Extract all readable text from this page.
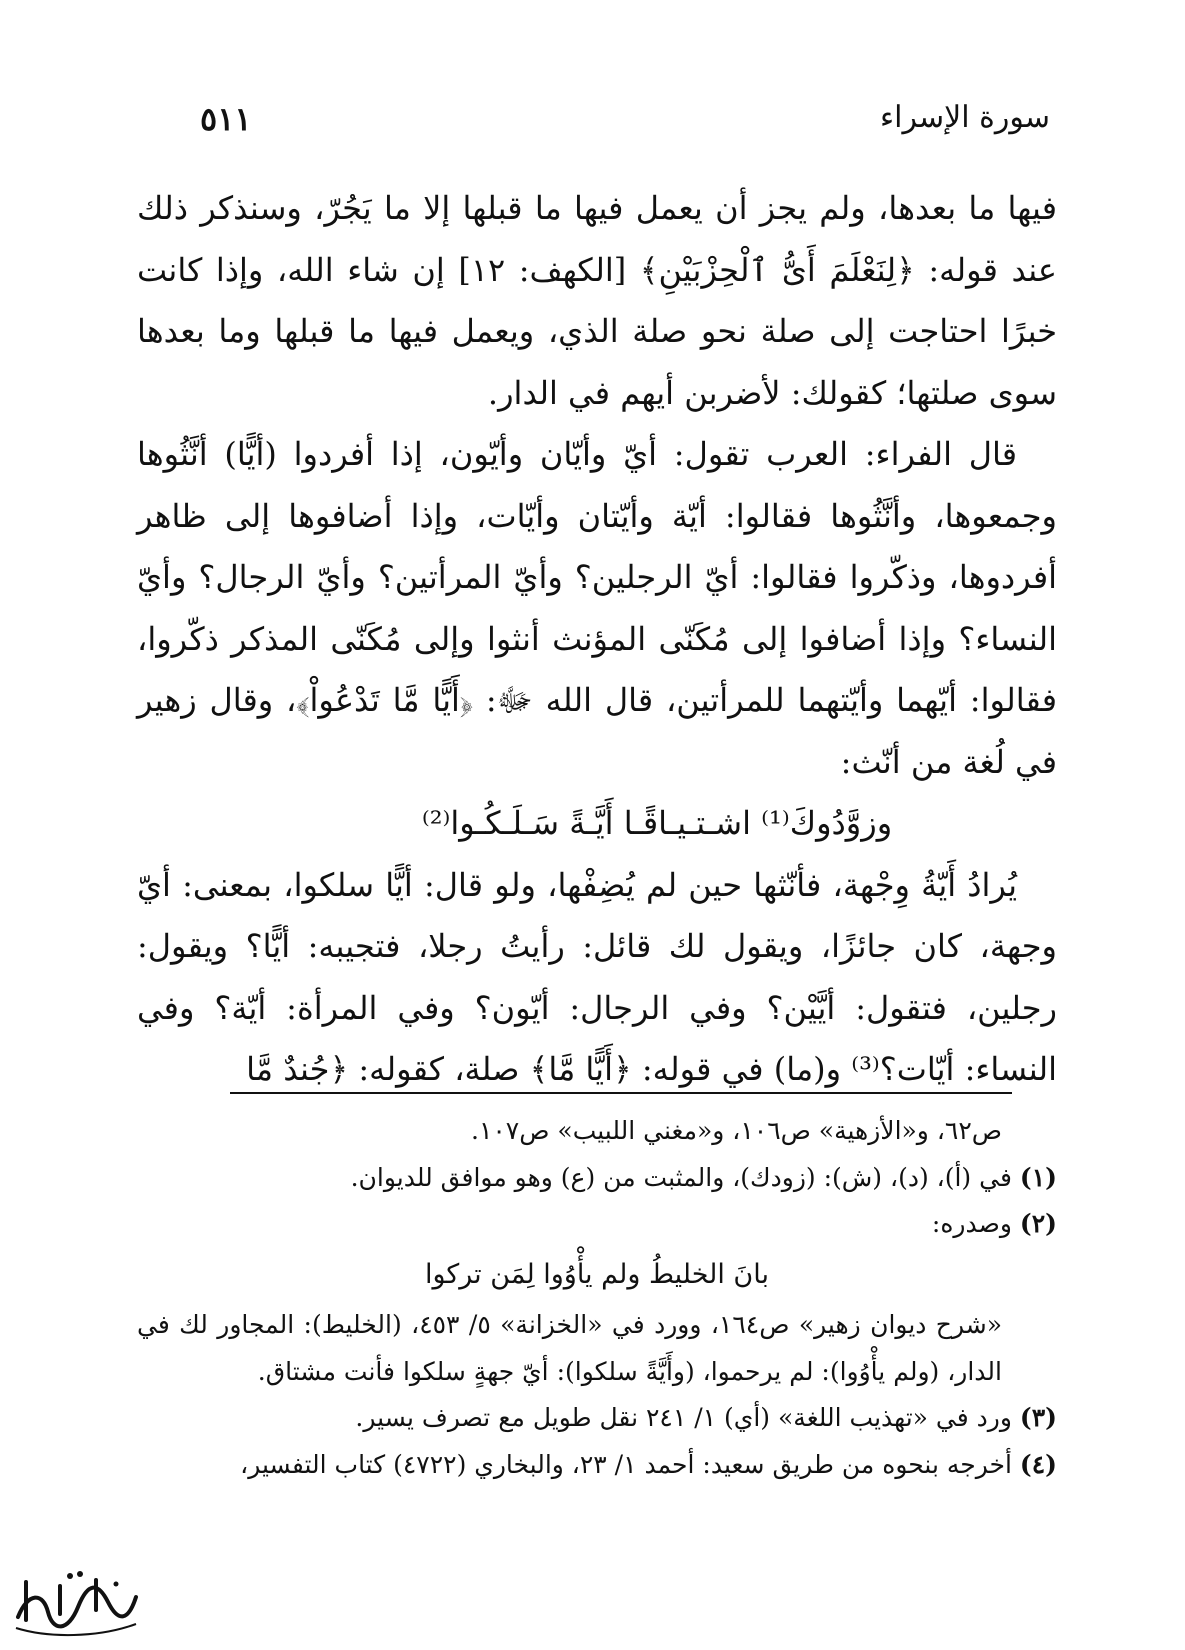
سورة الإسراء
٥١١

فيها ما بعدها، ولم يجز أن يعمل فيها ما قبلها إلا ما يَجُرّ، وسنذكر ذلك عند قوله: ﴿لِنَعْلَمَ أَىُّ ٱلْحِزْبَيْنِ﴾ [الكهف: ١٢] إن شاء الله، وإذا كانت خبرًا احتاجت إلى صلة نحو صلة الذي، ويعمل فيها ما قبلها وما بعدها سوى صلتها؛ كقولك: لأضربن أيهم في الدار.

قال الفراء: العرب تقول: أيّ وأيّان وأيّون، إذا أفردوا (أيًّا) أنَّثُوها وجمعوها، وأنَّثُوها فقالوا: أيّة وأيّتان وأيّات، وإذا أضافوها إلى ظاهر أفردوها، وذكّروا فقالوا: أيّ الرجلين؟ وأيّ المرأتين؟ وأيّ الرجال؟ وأيّ النساء؟ وإذا أضافوا إلى مُكَنّى المؤنث أنثوا وإلى مُكَنّى المذكر ذكّروا، فقالوا: أيّهما وأيّتهما للمرأتين، قال الله ﷻ: ﴿أَيًّا مَّا تَدْعُواْ﴾، وقال زهير في لُغة من أنّث:

وزوَّدُوكَ⁽¹⁾ اشـتـيـاقًـا أَيَّـةً سَـلَـكُـوا⁽²⁾

يُرادُ أَيّةُ وِجْهة، فأنّثها حين لم يُضِفْها، ولو قال: أيًّا سلكوا، بمعنى: أيّ وجهة، كان جائزًا، ويقول لك قائل: رأيتُ رجلا، فتجيبه: أيًّا؟ ويقول: رجلين، فتقول: أيَّيْن؟ وفي الرجال: أيّون؟ وفي المرأة: أيّة؟ وفي النساء: أيّات؟⁽³⁾ و(ما) في قوله: ﴿أَيًّا مَّا﴾ صلة، كقوله: ﴿جُندٌ مَّا

ص٦٢، و«الأزهية» ص١٠٦، و«مغني اللبيب» ص١٠٧.

(١) في (أ)، (د)، (ش): (زودك)، والمثبت من (ع) وهو موافق للديوان.

(٢) وصدره:

بانَ الخليطُ ولم يأْوُوا لِمَن تركوا

«شرح ديوان زهير» ص١٦٤، وورد في «الخزانة» ٥/ ٤٥٣، (الخليط): المجاور لك في الدار، (ولم يأْوُوا): لم يرحموا، (وأَيَّةً سلكوا): أيّ جهةٍ سلكوا فأنت مشتاق.

(٣) ورد في «تهذيب اللغة» (أي) ١/ ٢٤١ نقل طويل مع تصرف يسير.

(٤) أخرجه بنحوه من طريق سعيد: أحمد ١/ ٢٣، والبخاري (٤٧٢٢) كتاب التفسير،
